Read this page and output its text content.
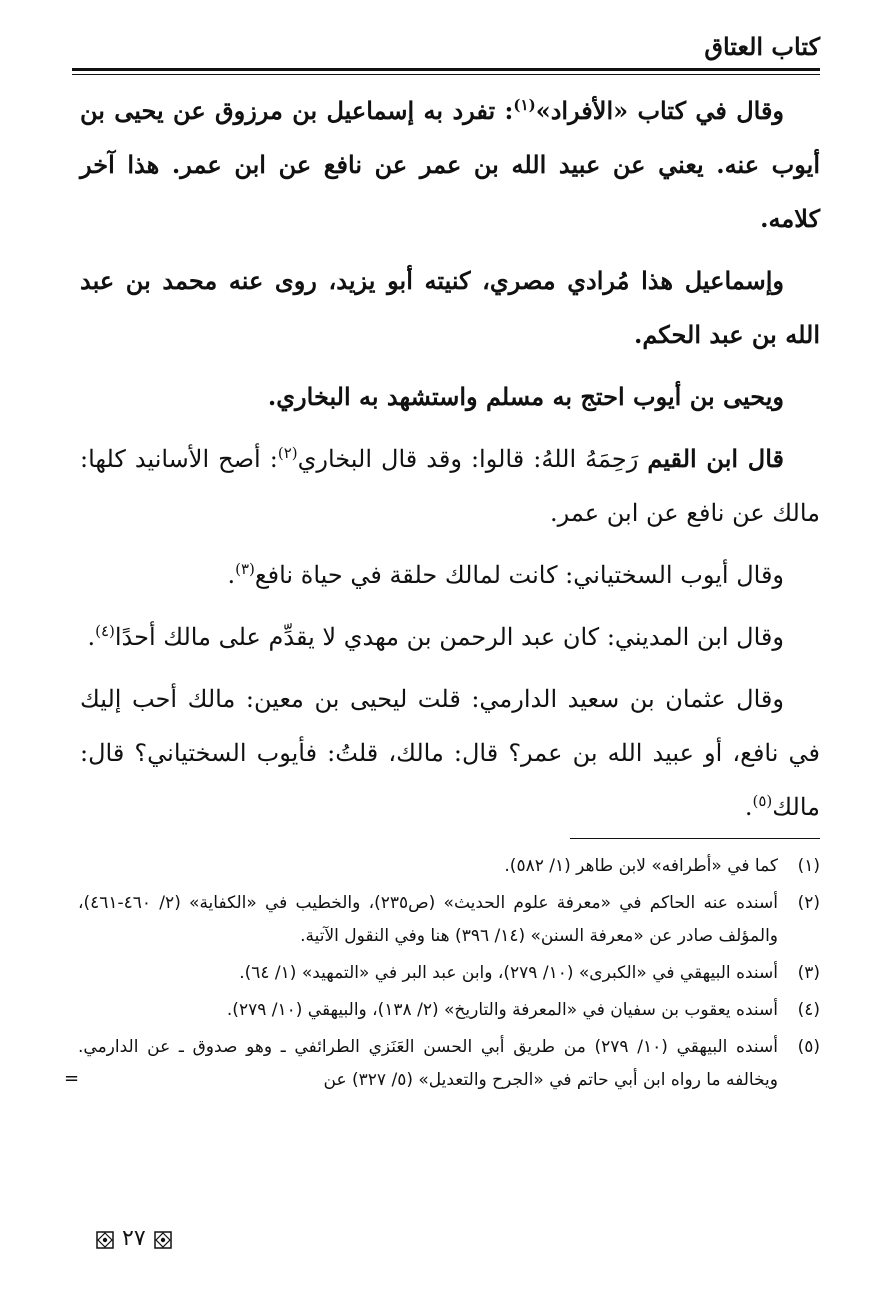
كتاب العتاق

وقال في كتاب «الأفراد»$^{(١)}$: تفرد به إسماعيل بن مرزوق عن يحيى بن أيوب عنه. يعني عن عبيد الله بن عمر عن نافع عن ابن عمر. هذا آخر كلامه.

وإسماعيل هذا مُرادي مصري، كنيته أبو يزيد، روى عنه محمد بن عبد الله بن عبد الحكم.

ويحيى بن أيوب احتج به مسلم واستشهد به البخاري.

قال ابن القيم رَحِمَهُ اللهُ: قالوا: وقد قال البخاري$^{(٢)}$: أصح الأسانيد كلها: مالك عن نافع عن ابن عمر.

وقال أيوب السختياني: كانت لمالك حلقة في حياة نافع$^{(٣)}$.

وقال ابن المديني: كان عبد الرحمن بن مهدي لا يقدِّم على مالك أحدًا$^{(٤)}$.

وقال عثمان بن سعيد الدارمي: قلت ليحيى بن معين: مالك أحب إليك في نافع، أو عبيد الله بن عمر؟ قال: مالك، قلتُ: فأيوب السختياني؟ قال: مالك$^{(٥)}$.

(١)
كما في «أطرافه» لابن طاهر (١/ ٥٨٢).
(٢)
أسنده عنه الحاكم في «معرفة علوم الحديث» (ص٢٣٥)، والخطيب في «الكفاية» (٢/ ٤٦٠-٤٦١)، والمؤلف صادر عن «معرفة السنن» (١٤/ ٣٩٦) هنا وفي النقول الآتية.
(٣)
أسنده البيهقي في «الكبرى» (١٠/ ٢٧٩)، وابن عبد البر في «التمهيد» (١/ ٦٤).
(٤)
أسنده يعقوب بن سفيان في «المعرفة والتاريخ» (٢/ ١٣٨)، والبيهقي (١٠/ ٢٧٩).
(٥)
أسنده البيهقي (١٠/ ٢٧٩) من طريق أبي الحسن العَنَزي الطرائفي ـ وهو صدوق ـ عن الدارمي. ويخالفه ما رواه ابن أبي حاتم في «الجرح والتعديل» (٥/ ٣٢٧) عن
=
٢٧
